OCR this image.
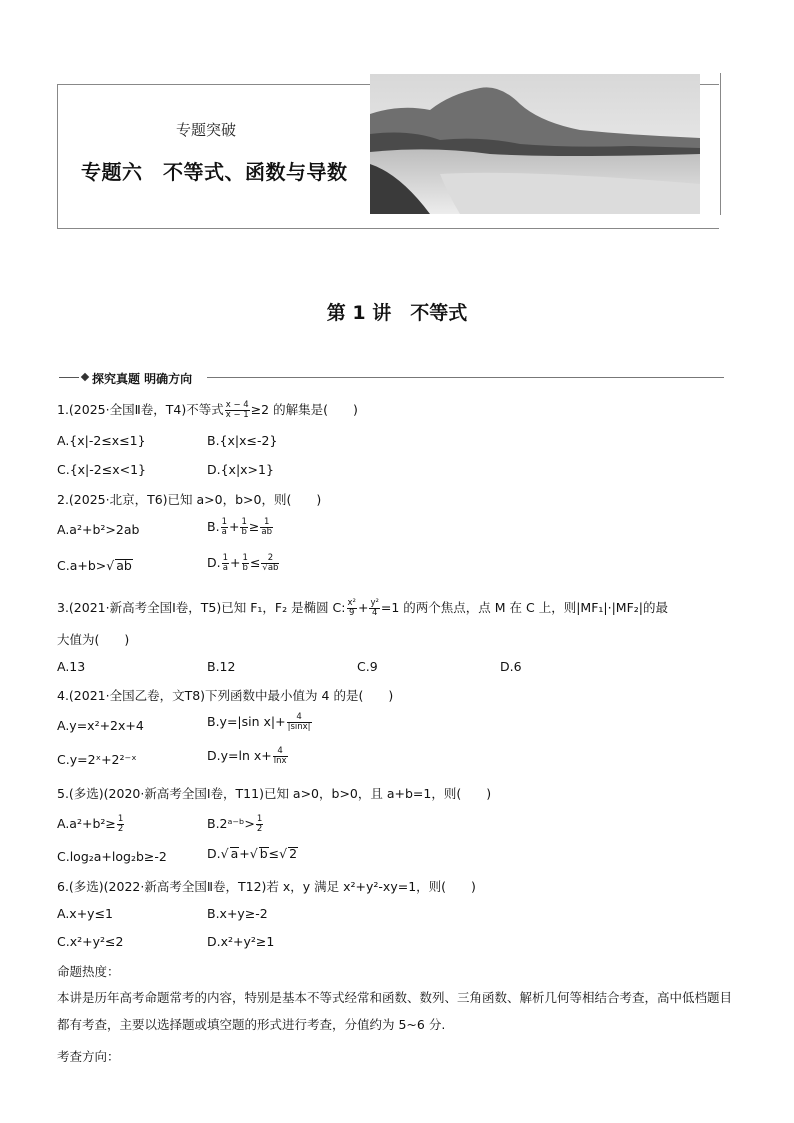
专题突破
专题六　不等式、函数与导数
第 1 讲　不等式
探究真题 明确方向
1.(2025·全国Ⅱ卷，T4)不等式 $\frac{x - 4}{x - 1} \ge 2$ 的解集是(　　)
A.{x|-2≤x≤1}	B.{x|x≤-2}
C.{x|-2≤x<1}	D.{x|x>1}
2.(2025·北京，T6)已知 a>0，b>0，则(　　)
A.a²+b²>2ab	B. $\frac{1}{a} + \frac{1}{b} \ge \frac{1}{ab}$
C.a+b>√ ab	D. $\frac{1}{a} + \frac{1}{b} \le \frac{2}{√ab}$
3.(2021·新高考全国Ⅰ卷，T5)已知 F₁，F₂ 是椭圆 C: $\frac{\text{x²}}{9} + \frac{\text{y²}}{4} =1$ 的两个焦点，点 M 在 C 上，则|MF₁|·|MF₂|的最
大值为(　　)
A.13	B.12	C.9	D.6
4.(2021·全国乙卷，文T8)下列函数中最小值为 4 的是(　　)
A.y=x²+2x+4	B.y=|sin $x|+ \frac{4}{|\sin x|}$
C.y=2ˣ+2²⁻ˣ	D.y=ln $x+ \frac{4}{\ln x}$
5.(多选)(2020·新高考全国Ⅰ卷，T11)已知 a>0，b>0，且 a+b=1，则(　　)
$A.a^2+b^2\ge \frac{1}{2}$	B.2ᵃ⁻ᵇ> $\frac{1}{2}$
C.log₂a+log₂b≥-2	D.√ a+√ b≤√ 2
6.(多选)(2022·新高考全国Ⅱ卷，T12)若 x，y 满足 x²+y²-xy=1，则(　　)
A.x+y≤1	B.x+y≥-2
C.x²+y²≤2	D.x²+y²≥1
命题热度：
本讲是历年高考命题常考的内容，特别是基本不等式经常和函数、数列、三角函数、解析几何等相结合考查，高中低档题目都有考查，主要以选择题或填空题的形式进行考查，分值约为 5~6 分.
考查方向：
